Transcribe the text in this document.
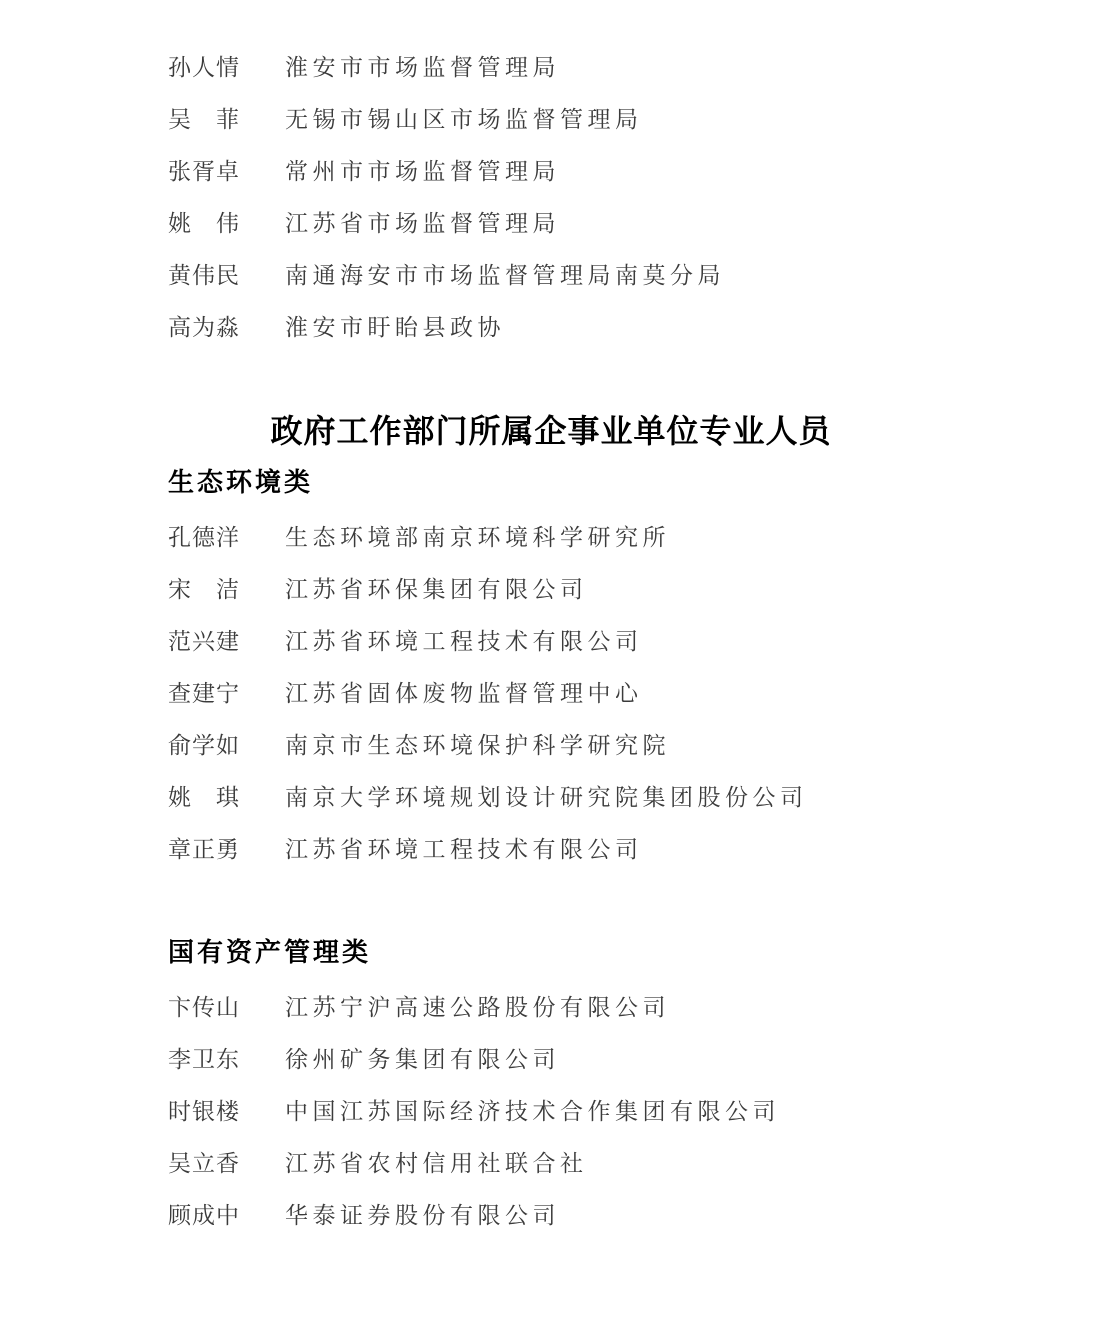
孙人情	淮安市市场监督管理局
吴　菲	无锡市锡山区市场监督管理局
张胥卓	常州市市场监督管理局
姚　伟	江苏省市场监督管理局
黄伟民	南通海安市市场监督管理局南莫分局
高为淼	淮安市盱眙县政协
政府工作部门所属企事业单位专业人员
生态环境类
孔德洋	生态环境部南京环境科学研究所
宋　洁	江苏省环保集团有限公司
范兴建	江苏省环境工程技术有限公司
查建宁	江苏省固体废物监督管理中心
俞学如	南京市生态环境保护科学研究院
姚　琪	南京大学环境规划设计研究院集团股份公司
章正勇	江苏省环境工程技术有限公司
国有资产管理类
卞传山	江苏宁沪高速公路股份有限公司
李卫东	徐州矿务集团有限公司
时银楼	中国江苏国际经济技术合作集团有限公司
吴立香	江苏省农村信用社联合社
顾成中	华泰证券股份有限公司
